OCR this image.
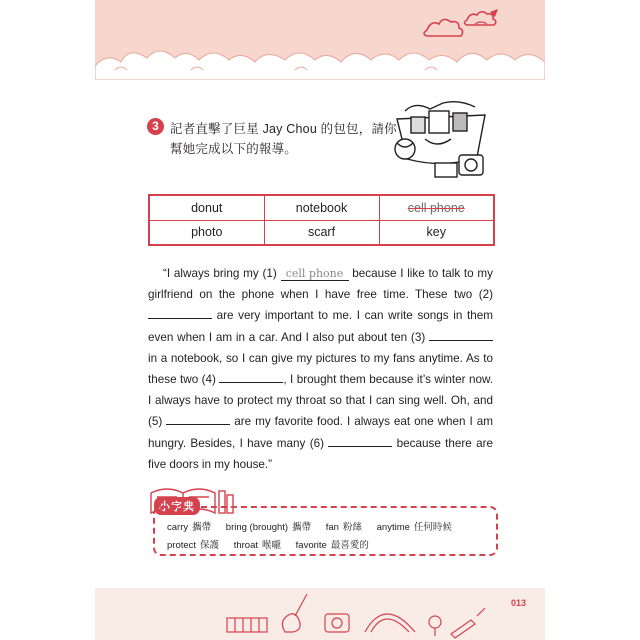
3 記者直擊了巨星 Jay Chou 的包包，請你
幫她完成以下的報導。
donut	notebook	cell phone
photo	scarf	key
“I always bring my (1) cell phone because I like to talk to my girlfriend on the phone when I have free time. These two (2)  are very important to me. I can write songs in them even when I am in a car. And I also put about ten (3)  in a notebook, so I can give my pictures to my fans anytime. As to these two (4)	, I brought them because it’s winter now. I always have to protect my throat so that I can sing well. Oh, and (5)	are my favorite food. I always eat one when I am hungry. Besides, I have many (6)	because there are five doors in my house.”
小字典
carry 攜帶 bring (brought) 攜帶 fan 粉絲 anytime 任何時候
protect 保護 throat 喉嚨 favorite 最喜愛的
013
